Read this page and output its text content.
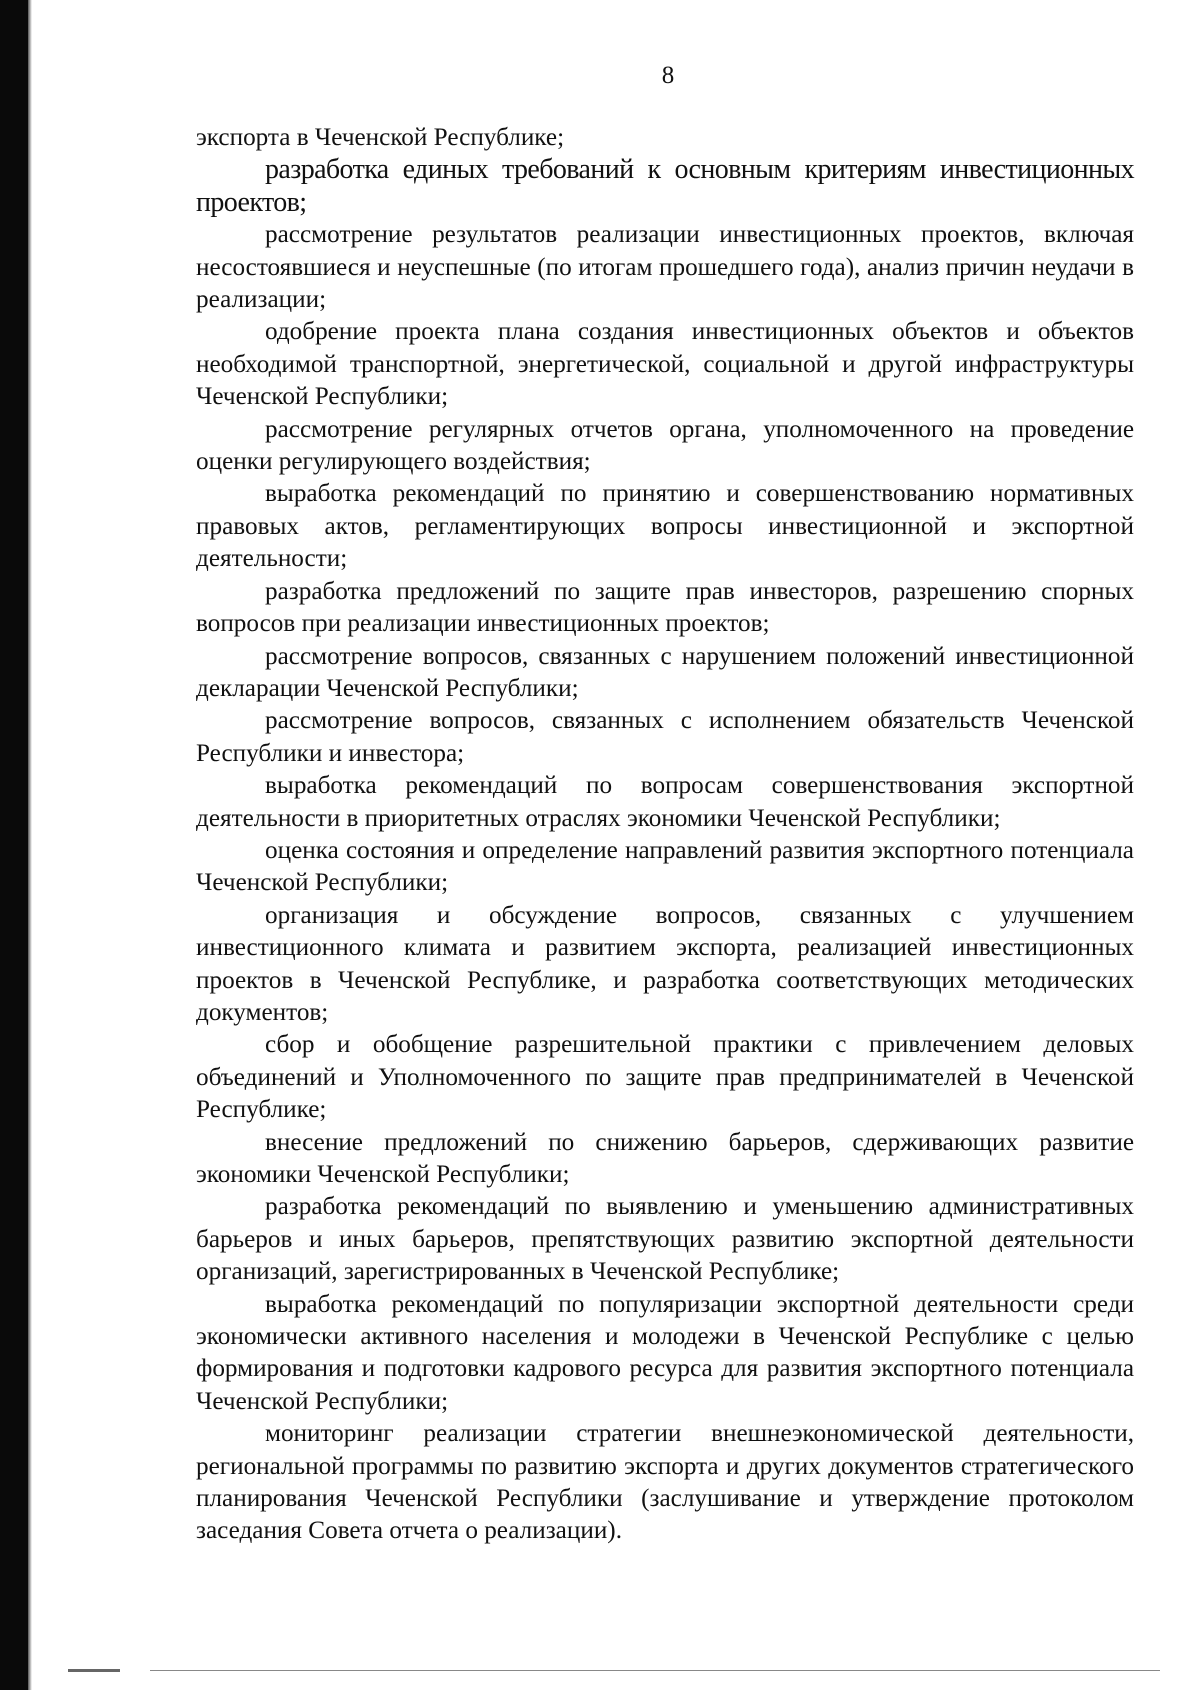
8

экспорта в Чеченской Республике;

разработка единых требований к основным критериям инвестиционных проектов;

рассмотрение результатов реализации инвестиционных проектов, включая несостоявшиеся и неуспешные (по итогам прошедшего года), анализ причин неудачи в реализации;

одобрение проекта плана создания инвестиционных объектов и объектов необходимой транспортной, энергетической, социальной и другой инфраструктуры Чеченской Республики;

рассмотрение регулярных отчетов органа, уполномоченного на проведение оценки регулирующего воздействия;

выработка рекомендаций по принятию и совершенствованию нормативных правовых актов, регламентирующих вопросы инвестиционной и экспортной деятельности;

разработка предложений по защите прав инвесторов, разрешению спорных вопросов при реализации инвестиционных проектов;

рассмотрение вопросов, связанных с нарушением положений инвестиционной декларации Чеченской Республики;

рассмотрение вопросов, связанных с исполнением обязательств Чеченской Республики и инвестора;

выработка рекомендаций по вопросам совершенствования экспортной деятельности в приоритетных отраслях экономики Чеченской Республики;

оценка состояния и определение направлений развития экспортного потенциала Чеченской Республики;

организация и обсуждение вопросов, связанных с улучшением инвестиционного климата и развитием экспорта, реализацией инвестиционных проектов в Чеченской Республике, и разработка соответствующих методических документов;

сбор и обобщение разрешительной практики с привлечением деловых объединений и Уполномоченного по защите прав предпринимателей в Чеченской Республике;

внесение предложений по снижению барьеров, сдерживающих развитие экономики Чеченской Республики;

разработка рекомендаций по выявлению и уменьшению административных барьеров и иных барьеров, препятствующих развитию экспортной деятельности организаций, зарегистрированных в Чеченской Республике;

выработка рекомендаций по популяризации экспортной деятельности среди экономически активного населения и молодежи в Чеченской Республике с целью формирования и подготовки кадрового ресурса для развития экспортного потенциала Чеченской Республики;

мониторинг реализации стратегии внешнеэкономической деятельности, региональной программы по развитию экспорта и других документов стратегического планирования Чеченской Республики (заслушивание и утверждение протоколом заседания Совета отчета о реализации).
